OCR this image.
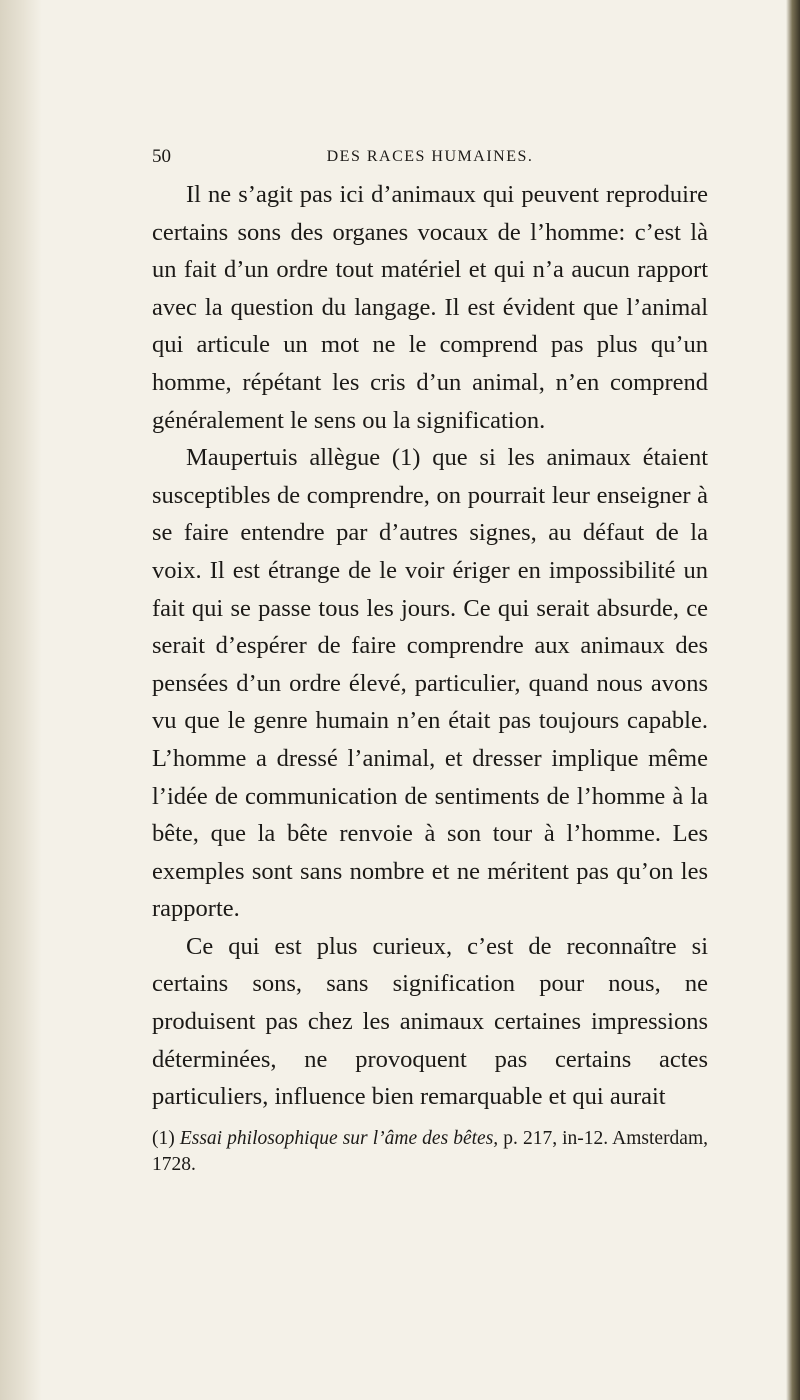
50	DES RACES HUMAINES.

Il ne s’agit pas ici d’animaux qui peuvent reproduire certains sons des organes vocaux de l’homme: c’est là un fait d’un ordre tout matériel et qui n’a aucun rapport avec la question du langage. Il est évident que l’animal qui articule un mot ne le comprend pas plus qu’un homme, répétant les cris d’un animal, n’en comprend généralement le sens ou la signification.

Maupertuis allègue (1) que si les animaux étaient susceptibles de comprendre, on pourrait leur enseigner à se faire entendre par d’autres signes, au défaut de la voix. Il est étrange de le voir ériger en impossibilité un fait qui se passe tous les jours. Ce qui serait absurde, ce serait d’espérer de faire comprendre aux animaux des pensées d’un ordre élevé, particulier, quand nous avons vu que le genre humain n’en était pas toujours capable. L’homme a dressé l’animal, et dresser implique même l’idée de communication de sentiments de l’homme à la bête, que la bête renvoie à son tour à l’homme. Les exemples sont sans nombre et ne méritent pas qu’on les rapporte.

Ce qui est plus curieux, c’est de reconnaître si certains sons, sans signification pour nous, ne produisent pas chez les animaux certaines impressions déterminées, ne provoquent pas certains actes particuliers, influence bien remarquable et qui aurait

(1) Essai philosophique sur l’âme des bêtes, p. 217, in-12. Amsterdam, 1728.
